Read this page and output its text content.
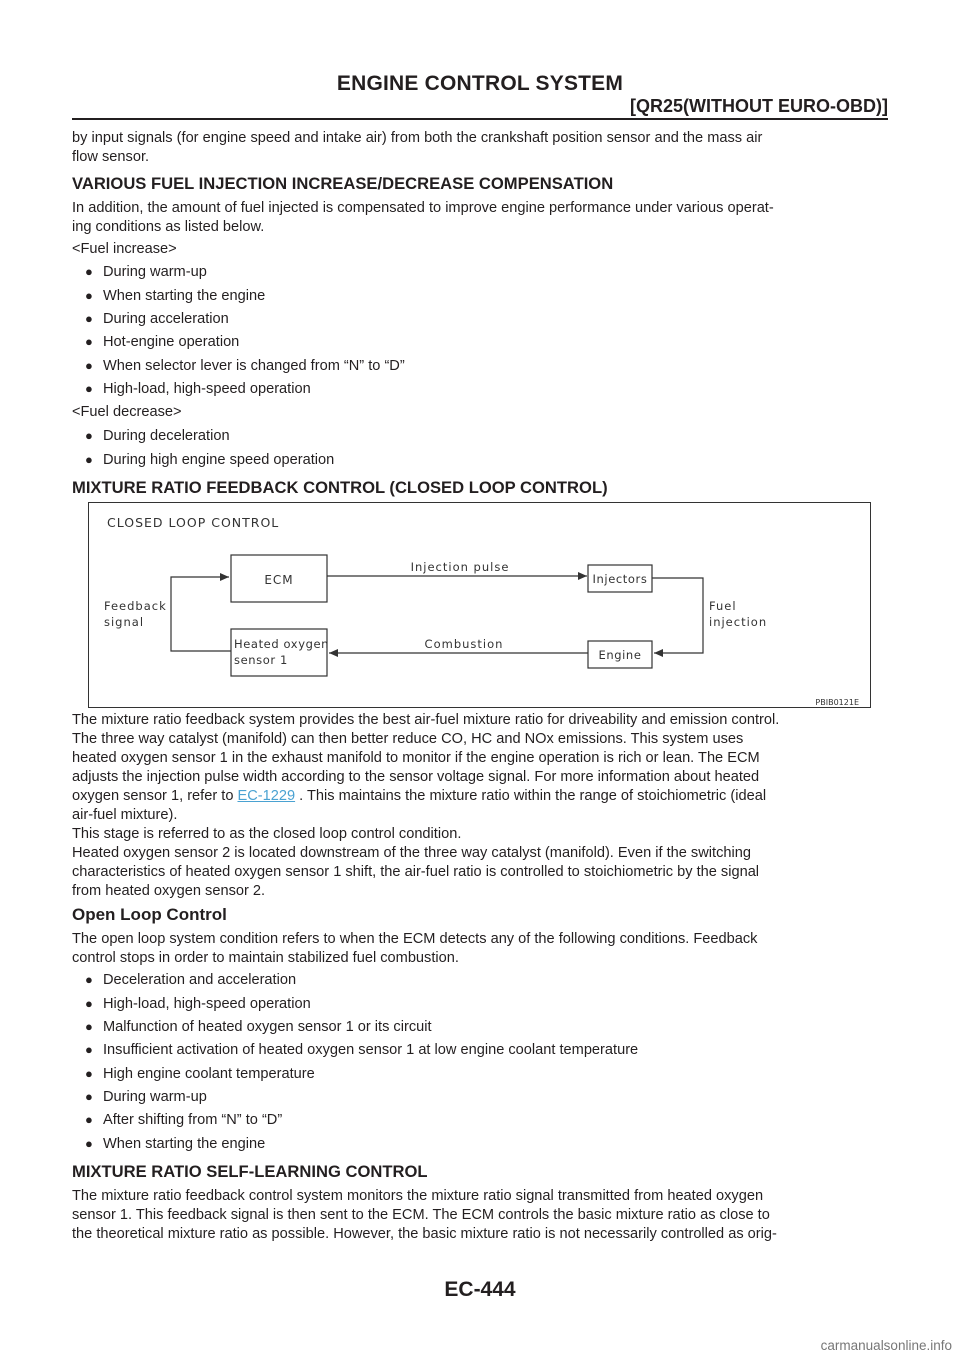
ENGINE CONTROL SYSTEM
[QR25(WITHOUT EURO-OBD)]
by input signals (for engine speed and intake air) from both the crankshaft position sensor and the mass air
flow sensor.
VARIOUS FUEL INJECTION INCREASE/DECREASE COMPENSATION
In addition, the amount of fuel injected is compensated to improve engine performance under various operat-
ing conditions as listed below.
<Fuel increase>
● During warm-up
● When starting the engine
● During acceleration
● Hot-engine operation
● When selector lever is changed from “N” to “D”
● High-load, high-speed operation
<Fuel decrease>
● During deceleration
● During high engine speed operation
MIXTURE RATIO FEEDBACK CONTROL (CLOSED LOOP CONTROL)
CLOSED LOOP CONTROL
ECM
Heated oxygen
sensor 1
Injectors
Engine
Injection pulse
Combustion
Fuel
injection
Feedback
signal
PBIB0121E
The mixture ratio feedback system provides the best air-fuel mixture ratio for driveability and emission control.
The three way catalyst (manifold) can then better reduce CO, HC and NOx emissions. This system uses
heated oxygen sensor 1 in the exhaust manifold to monitor if the engine operation is rich or lean. The ECM
adjusts the injection pulse width according to the sensor voltage signal. For more information about heated
oxygen sensor 1, refer to EC-1229 . This maintains the mixture ratio within the range of stoichiometric (ideal
air-fuel mixture).
This stage is referred to as the closed loop control condition.
Heated oxygen sensor 2 is located downstream of the three way catalyst (manifold). Even if the switching
characteristics of heated oxygen sensor 1 shift, the air-fuel ratio is controlled to stoichiometric by the signal
from heated oxygen sensor 2.
Open Loop Control
The open loop system condition refers to when the ECM detects any of the following conditions. Feedback
control stops in order to maintain stabilized fuel combustion.
● Deceleration and acceleration
● High-load, high-speed operation
● Malfunction of heated oxygen sensor 1 or its circuit
● Insufficient activation of heated oxygen sensor 1 at low engine coolant temperature
● High engine coolant temperature
● During warm-up
● After shifting from “N” to “D”
● When starting the engine
MIXTURE RATIO SELF-LEARNING CONTROL
The mixture ratio feedback control system monitors the mixture ratio signal transmitted from heated oxygen
sensor 1. This feedback signal is then sent to the ECM. The ECM controls the basic mixture ratio as close to
the theoretical mixture ratio as possible. However, the basic mixture ratio is not necessarily controlled as orig-
EC-444
carmanualsonline.info
